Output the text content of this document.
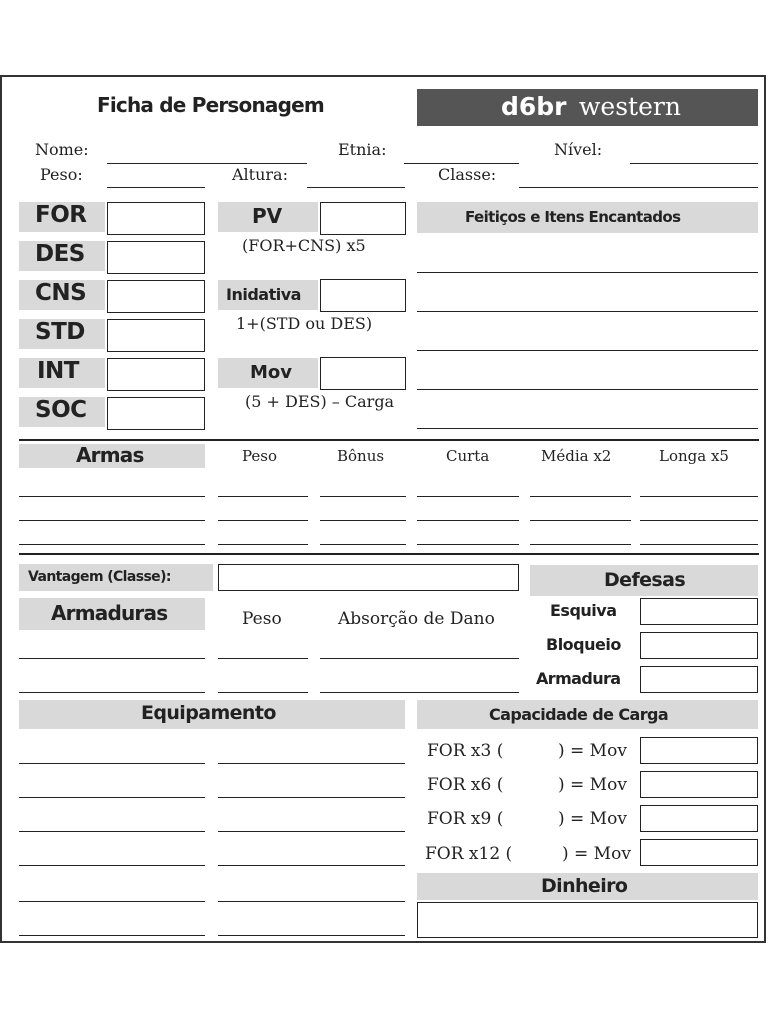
Ficha de Personagem	d6br western
Nome:	Etnia:	Nível:
Peso:	Altura:	Classe:
FOR
DES
CNS
STD
INT
SOC
PV
(FOR+CNS) x5
Inidativa
1+(STD ou DES)
Mov
(5 + DES) – Carga
Feitiços e Itens Encantados
Armas	Peso	Bônus	Curta	Média x2	Longa x5
Vantagem (Classe):	Defesas
Esquiva
Bloqueio
Armadura
Armaduras	Peso	Absorção de Dano
Equipamento	Capacidade de Carga
FOR x3 (	) = Mov
FOR x6 (	) = Mov
FOR x9 (	) = Mov
FOR x12 (	) = Mov
Dinheiro
